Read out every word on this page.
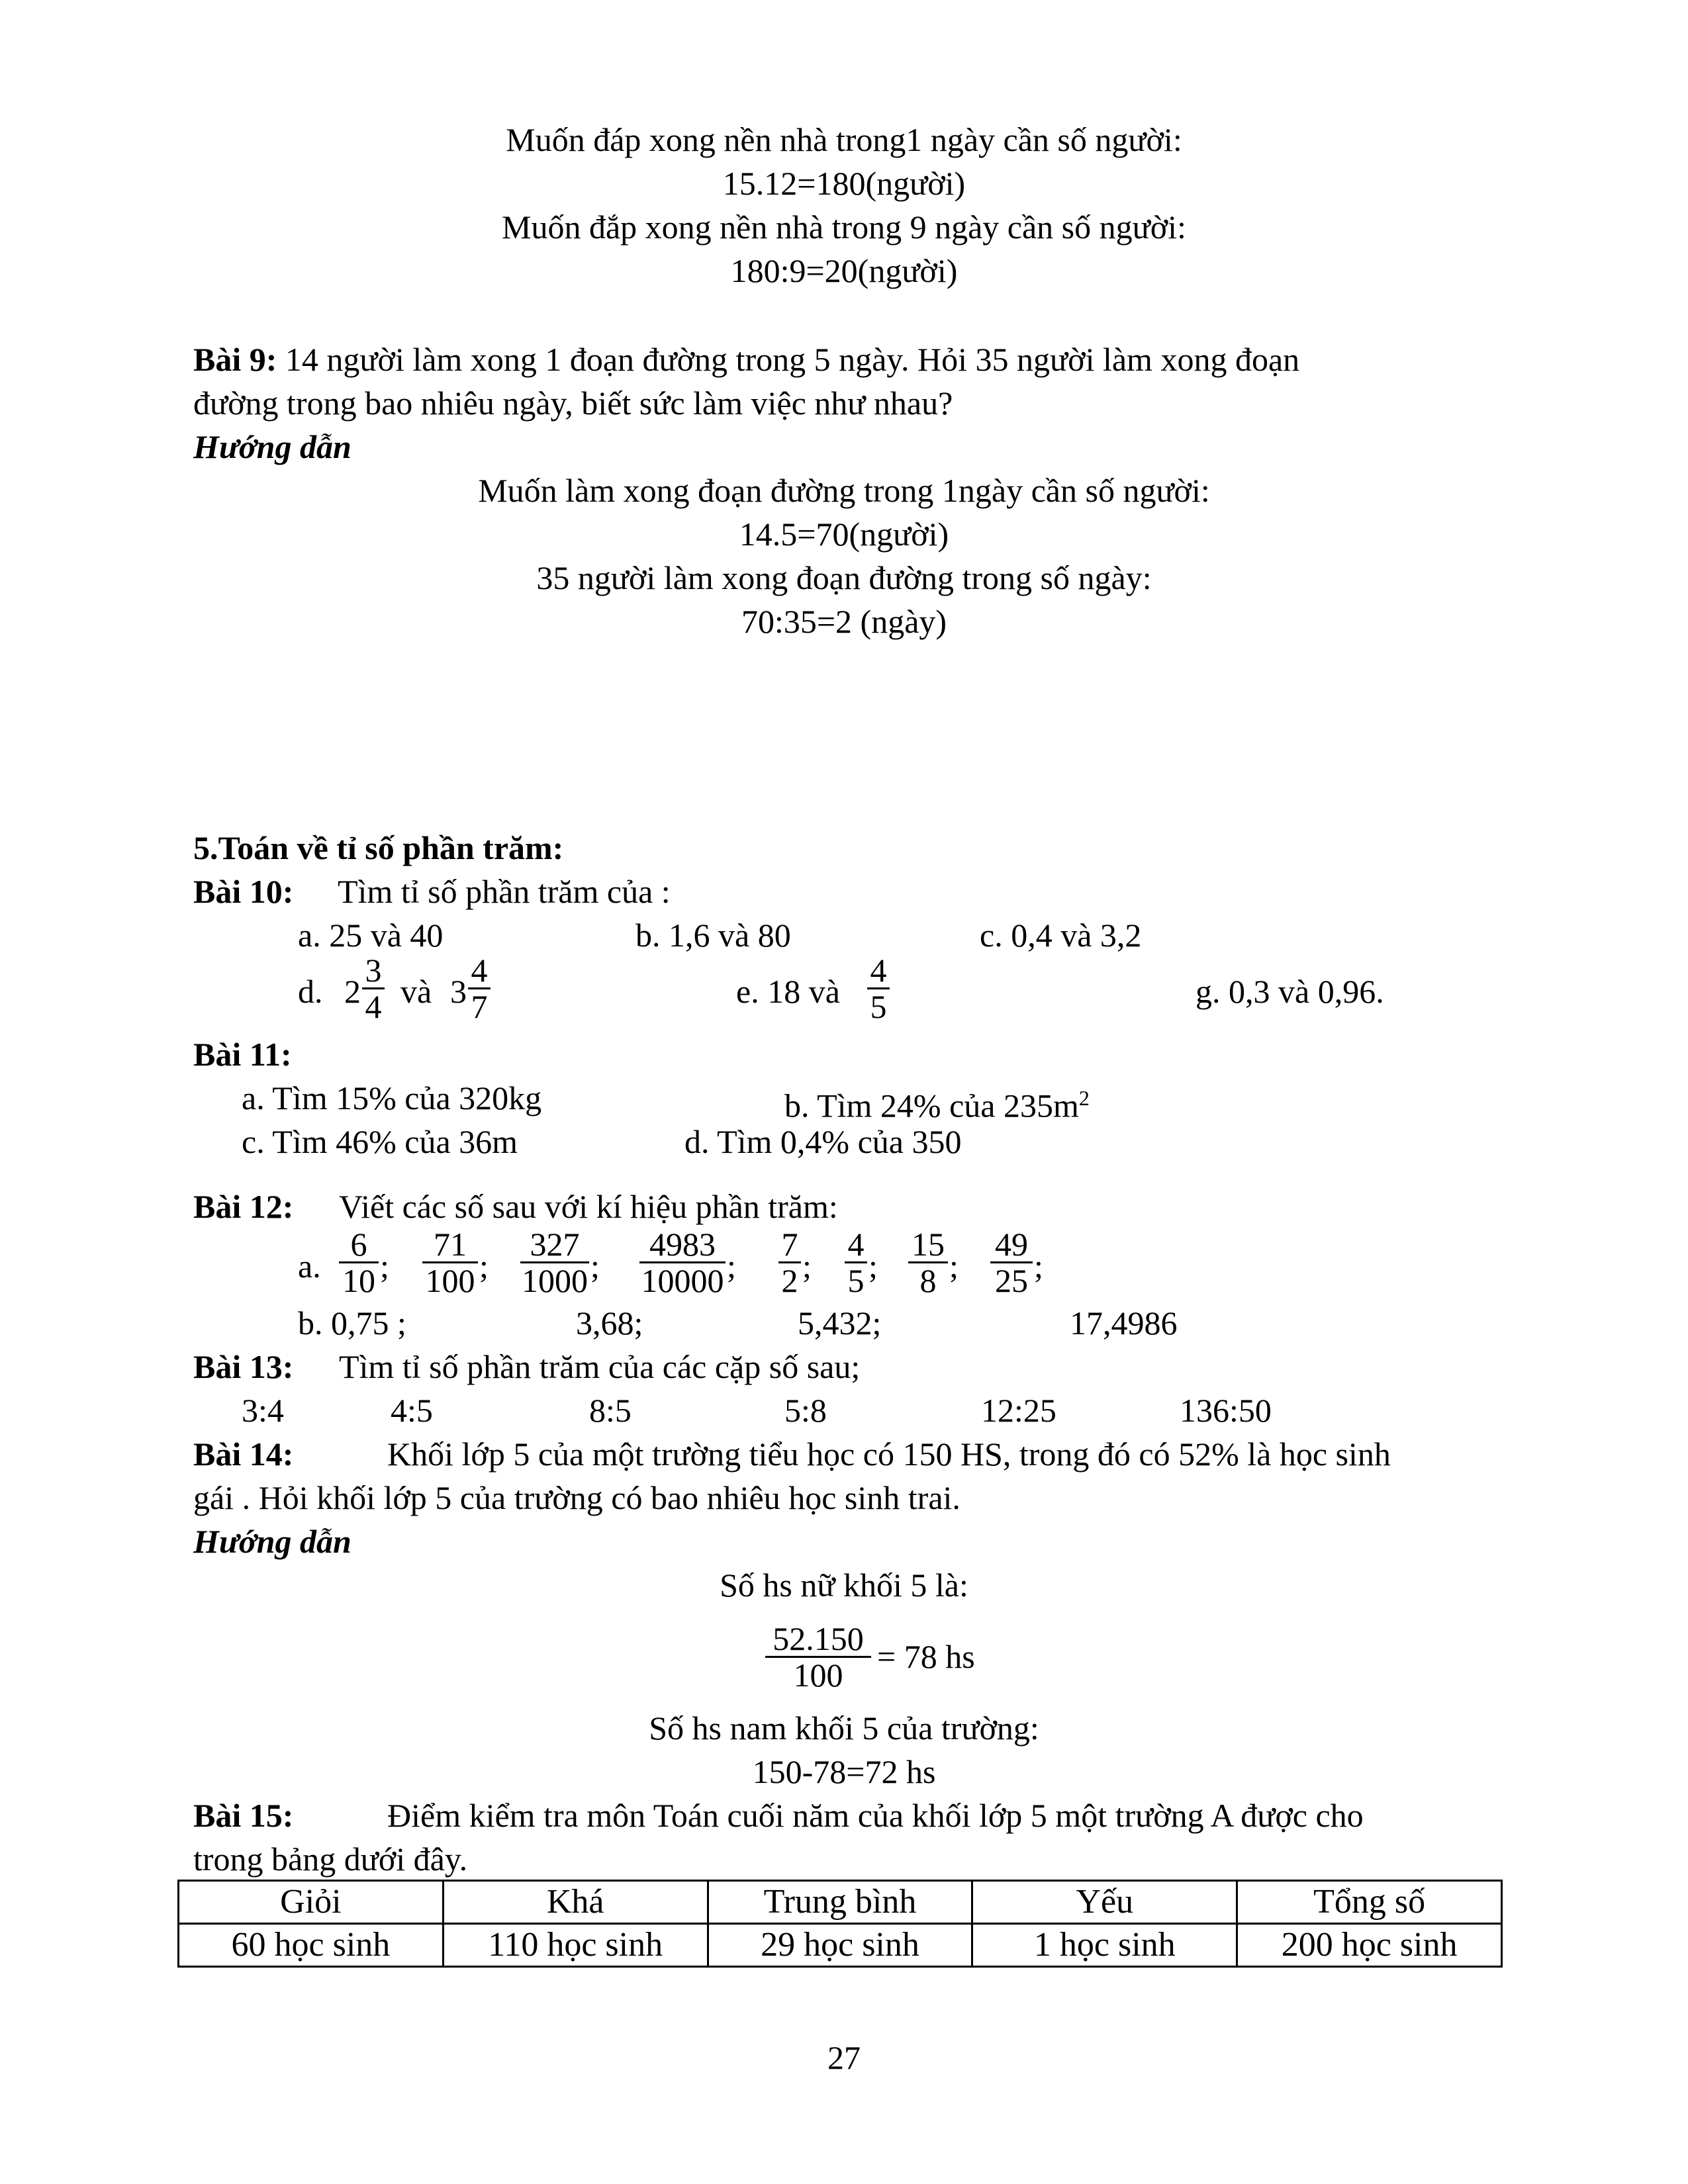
Muốn đáp xong nền nhà trong1 ngày cần số người:
15.12=180(người)
Muốn đắp xong nền nhà trong 9 ngày cần số người:
180:9=20(người)
Bài 9: 14 người làm xong 1 đoạn đường trong 5 ngày. Hỏi 35 người làm xong đoạn
đường trong bao nhiêu ngày, biết sức làm việc như nhau?
Hướng dẫn
Muốn làm xong đoạn đường trong 1ngày cần số người:
14.5=70(người)
35 người làm xong đoạn đường trong số ngày:
70:35=2 (ngày)
5.Toán về tỉ số phần trăm:
Bài 10: Tìm tỉ số phần trăm của :
a. 25 và 40	b. 1,6 và 80	c. 0,4 và 3,2
d. $2 \frac{3}{4}$ và $3 \frac{4}{7}$	e. 18 và $\frac{4}{5}$	g. 0,3 và 0,96.
Bài 11:
a. Tìm 15% của 320kg	b. Tìm 24% của $235m^2$
c. Tìm 46% của 36m	d. Tìm 0,4% của 350
Bài 12: Viết các số sau với kí hiệu phần trăm:
a. $\frac{6}{10}$ ; $\frac{71}{100}$ ; $\frac{327}{1000}$ ; $\frac{4983}{10000}$ ; $\frac{7}{2}$ ; $\frac{4}{5}$ ; $\frac{15}{8}$ ; $\frac{49}{25}$ ;
b. 0,75 ;	3,68;	5,432;	17,4986
Bài 13: Tìm tỉ số phần trăm của các cặp số sau;
3:4	4:5	8:5	5:8	12:25	136:50
Bài 14:	Khối lớp 5 của một trường tiểu học có 150 HS, trong đó có 52% là học sinh
gái . Hỏi khối lớp 5 của trường có bao nhiêu học sinh trai.
Hướng dẫn
Số hs nữ khối 5 là:
$\frac{52.150}{100} = 78$ hs
Số hs nam khối 5 của trường:
150-78=72 hs
Bài 15:	Điểm kiểm tra môn Toán cuối năm của khối lớp 5 một trường A được cho
trong bảng dưới đây.
Giỏi	Khá	Trung bình	Yếu	Tổng số
60 học sinh	110 học sinh	29 học sinh	1 học sinh	200 học sinh
27
